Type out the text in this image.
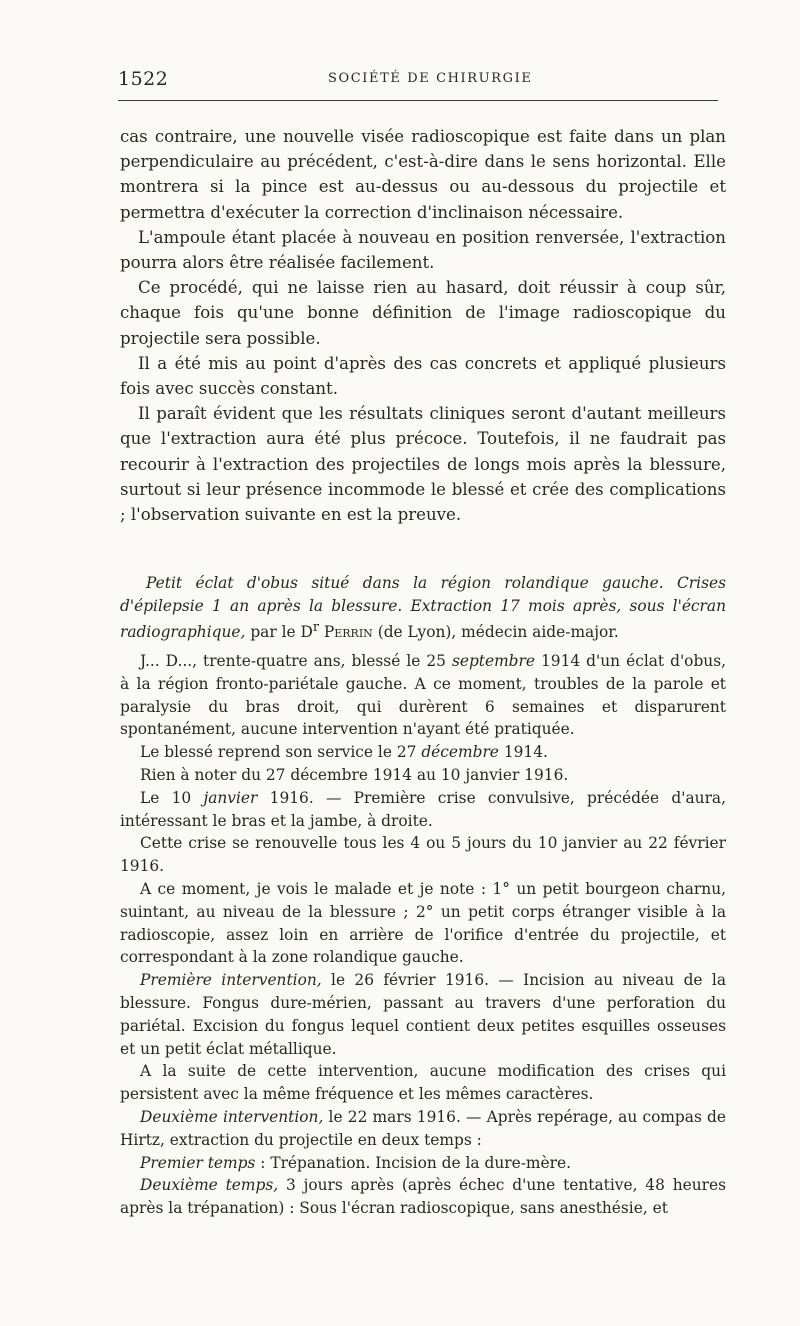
1522	SOCIÉTÉ DE CHIRURGIE

cas contraire, une nouvelle visée radioscopique est faite dans un plan perpendiculaire au précédent, c'est-à-dire dans le sens horizontal. Elle montrera si la pince est au-dessus ou au-dessous du projectile et permettra d'exécuter la correction d'inclinaison nécessaire.

L'ampoule étant placée à nouveau en position renversée, l'extraction pourra alors être réalisée facilement.

Ce procédé, qui ne laisse rien au hasard, doit réussir à coup sûr, chaque fois qu'une bonne définition de l'image radioscopique du projectile sera possible.

Il a été mis au point d'après des cas concrets et appliqué plusieurs fois avec succès constant.

Il paraît évident que les résultats cliniques seront d'autant meilleurs que l'extraction aura été plus précoce. Toutefois, il ne faudrait pas recourir à l'extraction des projectiles de longs mois après la blessure, surtout si leur présence incommode le blessé et crée des complications ; l'observation suivante en est la preuve.

Petit éclat d'obus situé dans la région rolandique gauche. Crises d'épilepsie 1 an après la blessure. Extraction 17 mois après, sous l'écran radiographique, par le $D^r$ Perrin (de Lyon), médecin aide-major.

J... D..., trente-quatre ans, blessé le 25 septembre 1914 d'un éclat d'obus, à la région fronto-pariétale gauche. A ce moment, troubles de la parole et paralysie du bras droit, qui durèrent 6 semaines et disparurent spontanément, aucune intervention n'ayant été pratiquée.

Le blessé reprend son service le 27 décembre 1914.

Rien à noter du 27 décembre 1914 au 10 janvier 1916.

Le 10 janvier 1916. — Première crise convulsive, précédée d'aura, intéressant le bras et la jambe, à droite.

Cette crise se renouvelle tous les 4 ou 5 jours du 10 janvier au 22 février 1916.

A ce moment, je vois le malade et je note : 1° un petit bourgeon charnu, suintant, au niveau de la blessure ; 2° un petit corps étranger visible à la radioscopie, assez loin en arrière de l'orifice d'entrée du projectile, et correspondant à la zone rolandique gauche.

Première intervention, le 26 février 1916. — Incision au niveau de la blessure. Fongus dure-mérien, passant au travers d'une perforation du pariétal. Excision du fongus lequel contient deux petites esquilles osseuses et un petit éclat métallique.

A la suite de cette intervention, aucune modification des crises qui persistent avec la même fréquence et les mêmes caractères.

Deuxième intervention, le 22 mars 1916. — Après repérage, au compas de Hirtz, extraction du projectile en deux temps :

Premier temps : Trépanation. Incision de la dure-mère.

Deuxième temps, 3 jours après (après échec d'une tentative, 48 heures après la trépanation) : Sous l'écran radioscopique, sans anesthésie, et
